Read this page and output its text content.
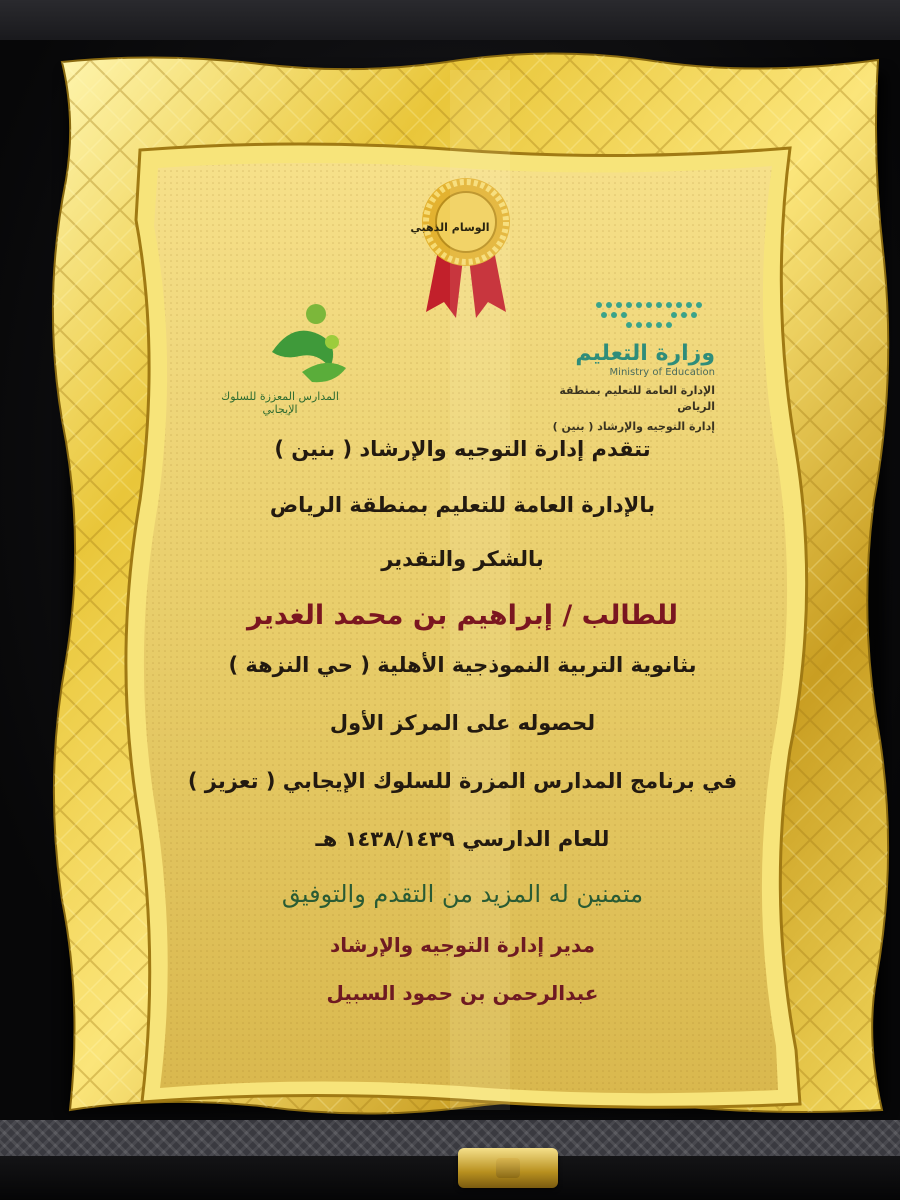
الوسام الذهبي
وزارة التعليم
Ministry of Education
الإدارة العامة للتعليم بمنطقة الرياض
إدارة التوجيه والإرشاد ( بنين )
المدارس المعززة للسلوك الإيجابي
تتقدم إدارة التوجيه والإرشاد ( بنين )
بالإدارة العامة للتعليم بمنطقة الرياض
بالشكر والتقدير
للطالب / إبراهيم بن محمد الغدير
بثانوية التربية النموذجية الأهلية ( حي النزهة )
لحصوله على المركز الأول
في برنامج المدارس المزرة للسلوك الإيجابي ( تعزيز )
للعام الدارسي ١٤٣٨/١٤٣٩ هـ
متمنين له المزيد من التقدم والتوفيق
مدير إدارة التوجيه والإرشاد
عبدالرحمن بن حمود السبيل
